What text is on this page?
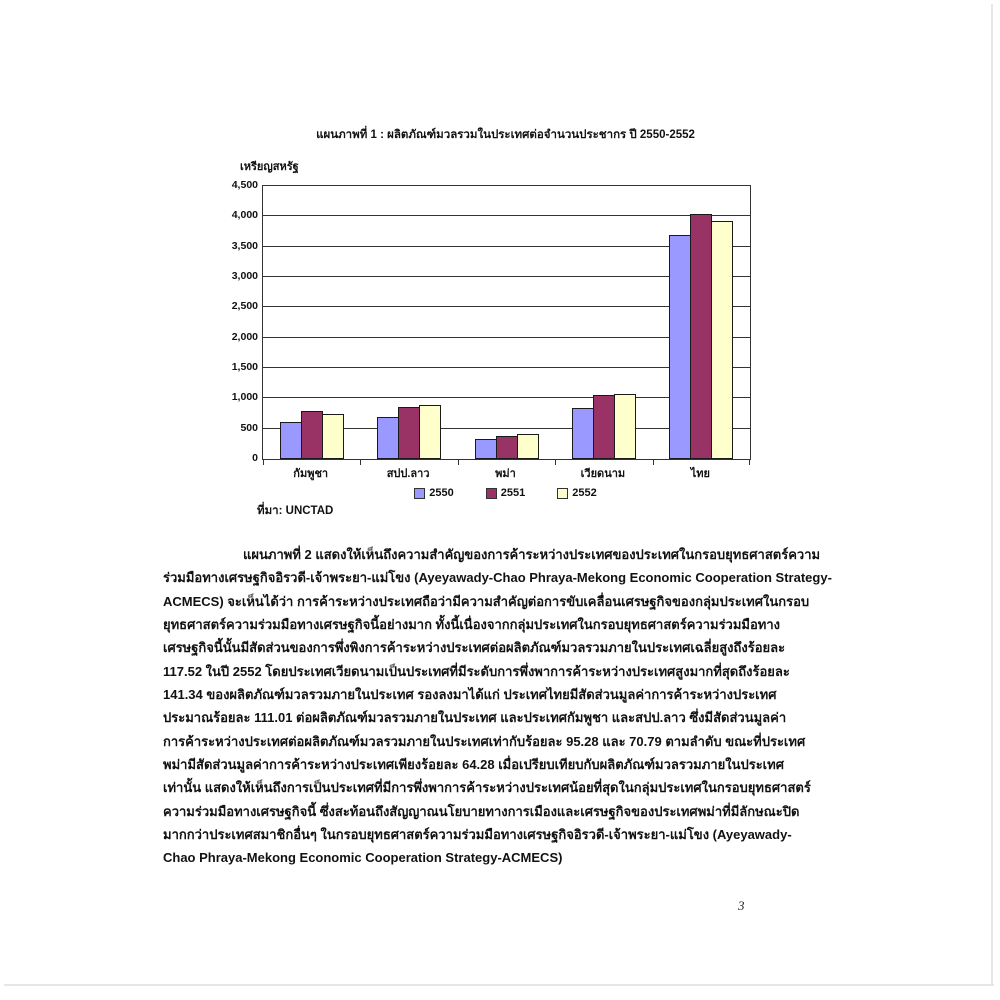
แผนภาพที่ 1 : ผลิตภัณฑ์มวลรวมในประเทศต่อจำนวนประชากร ปี 2550-2552
เหรียญสหรัฐ
0
500
1,000
1,500
2,000
2,500
3,000
3,500
4,000
4,500
กัมพูชา	สปป.ลาว	พม่า	เวียดนาม	ไทย
2550	2551	2552
ที่มา: UNCTAD
แผนภาพที่ 2 แสดงให้เห็นถึงความสำคัญของการค้าระหว่างประเทศของประเทศในกรอบยุทธศาสตร์ความ
ร่วมมือทางเศรษฐกิจอิรวดี-เจ้าพระยา-แม่โขง (Ayeyawady-Chao Phraya-Mekong Economic Cooperation Strategy-
ACMECS) จะเห็นได้ว่า การค้าระหว่างประเทศถือว่ามีความสำคัญต่อการขับเคลื่อนเศรษฐกิจของกลุ่มประเทศในกรอบ
ยุทธศาสตร์ความร่วมมือทางเศรษฐกิจนี้อย่างมาก ทั้งนี้เนื่องจากกลุ่มประเทศในกรอบยุทธศาสตร์ความร่วมมือทาง
เศรษฐกิจนี้นั้นมีสัดส่วนของการพึ่งพิงการค้าระหว่างประเทศต่อผลิตภัณฑ์มวลรวมภายในประเทศเฉลี่ยสูงถึงร้อยละ
117.52 ในปี 2552 โดยประเทศเวียดนามเป็นประเทศที่มีระดับการพึ่งพาการค้าระหว่างประเทศสูงมากที่สุดถึงร้อยละ
141.34 ของผลิตภัณฑ์มวลรวมภายในประเทศ รองลงมาได้แก่ ประเทศไทยมีสัดส่วนมูลค่าการค้าระหว่างประเทศ
ประมาณร้อยละ 111.01 ต่อผลิตภัณฑ์มวลรวมภายในประเทศ และประเทศกัมพูชา และสปป.ลาว ซึ่งมีสัดส่วนมูลค่า
การค้าระหว่างประเทศต่อผลิตภัณฑ์มวลรวมภายในประเทศเท่ากับร้อยละ 95.28 และ 70.79 ตามลำดับ ขณะที่ประเทศ
พม่ามีสัดส่วนมูลค่าการค้าระหว่างประเทศเพียงร้อยละ 64.28 เมื่อเปรียบเทียบกับผลิตภัณฑ์มวลรวมภายในประเทศ
เท่านั้น แสดงให้เห็นถึงการเป็นประเทศที่มีการพึ่งพาการค้าระหว่างประเทศน้อยที่สุดในกลุ่มประเทศในกรอบยุทธศาสตร์
ความร่วมมือทางเศรษฐกิจนี้ ซึ่งสะท้อนถึงสัญญาณนโยบายทางการเมืองและเศรษฐกิจของประเทศพม่าที่มีลักษณะปิด
มากกว่าประเทศสมาชิกอื่นๆ ในกรอบยุทธศาสตร์ความร่วมมือทางเศรษฐกิจอิรวดี-เจ้าพระยา-แม่โขง (Ayeyawady-
Chao Phraya-Mekong Economic Cooperation Strategy-ACMECS)
3
